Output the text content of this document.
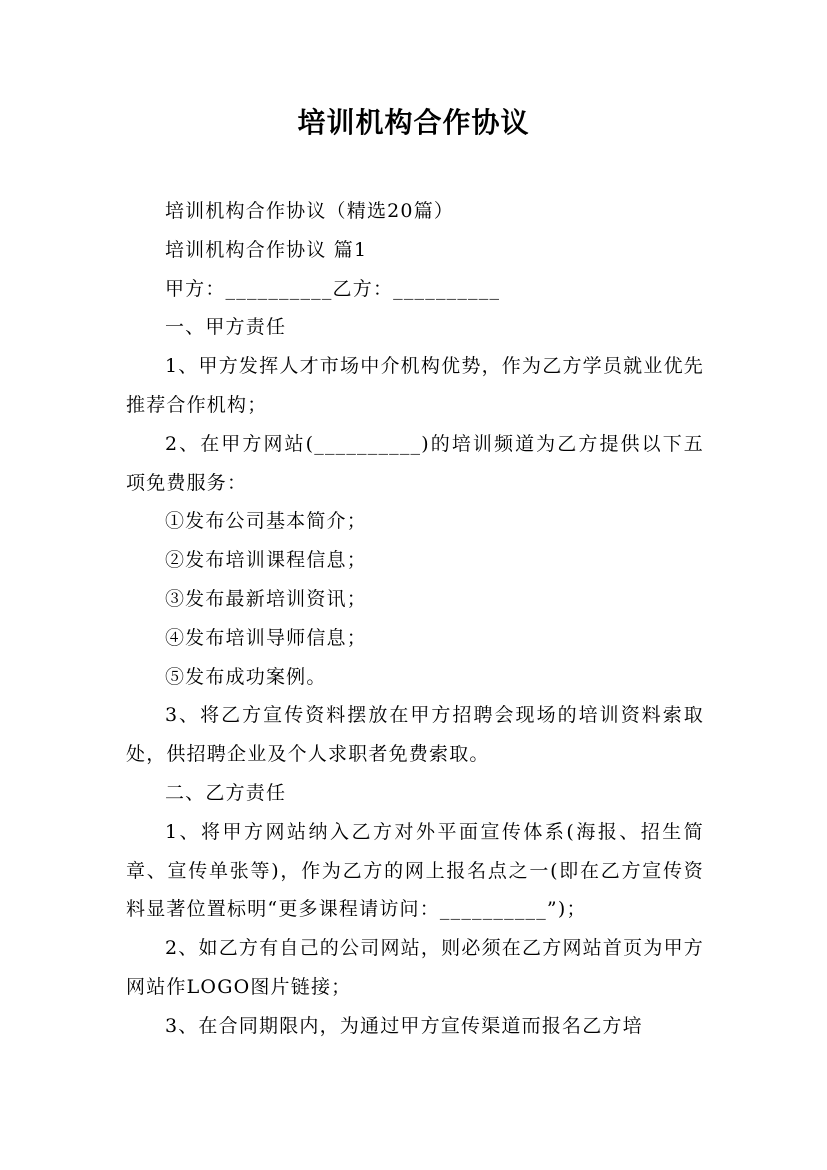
培训机构合作协议

培训机构合作协议（精选20篇）

培训机构合作协议 篇1

甲方：__________乙方：__________

一、甲方责任

1、甲方发挥人才市场中介机构优势，作为乙方学员就业优先推荐合作机构；

2、在甲方网站(__________)的培训频道为乙方提供以下五项免费服务：

①发布公司基本简介；

②发布培训课程信息；

③发布最新培训资讯；

④发布培训导师信息；

⑤发布成功案例。

3、将乙方宣传资料摆放在甲方招聘会现场的培训资料索取处，供招聘企业及个人求职者免费索取。

二、乙方责任

1、将甲方网站纳入乙方对外平面宣传体系(海报、招生简章、宣传单张等)，作为乙方的网上报名点之一(即在乙方宣传资料显著位置标明“更多课程请访问：__________”)；

2、如乙方有自己的公司网站，则必须在乙方网站首页为甲方网站作LOGO图片链接；

3、在合同期限内，为通过甲方宣传渠道而报名乙方培
